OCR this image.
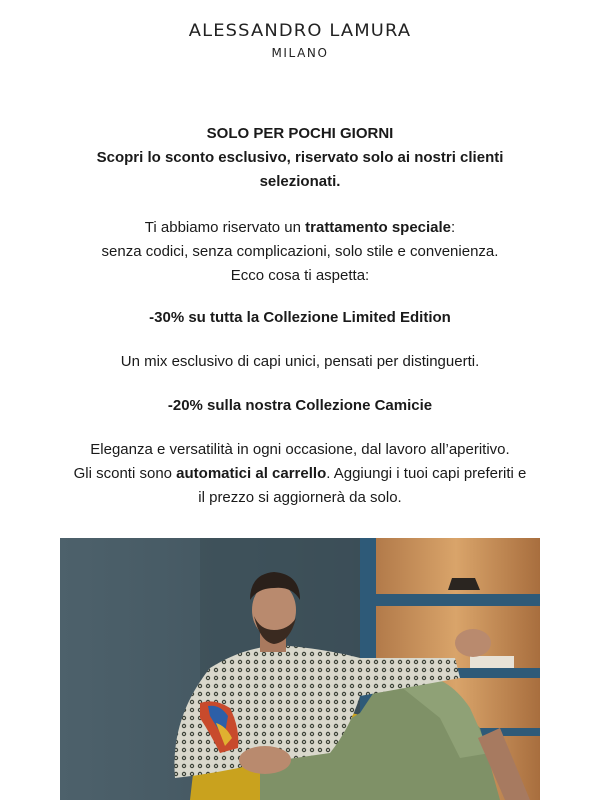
ALESSANDRO LAMURA
MILANO

SOLO PER POCHI GIORNI

Scopri lo sconto esclusivo, riservato solo ai nostri clienti selezionati.

Ti abbiamo riservato un trattamento speciale:

senza codici, senza complicazioni, solo stile e convenienza.

Ecco cosa ti aspetta:

-30% su tutta la Collezione Limited Edition

Un mix esclusivo di capi unici, pensati per distinguerti.

-20% sulla nostra Collezione Camicie

Eleganza e versatilità in ogni occasione, dal lavoro all’aperitivo.

Gli sconti sono automatici al carrello. Aggiungi i tuoi capi preferiti e

il prezzo si aggiornerà da solo.
